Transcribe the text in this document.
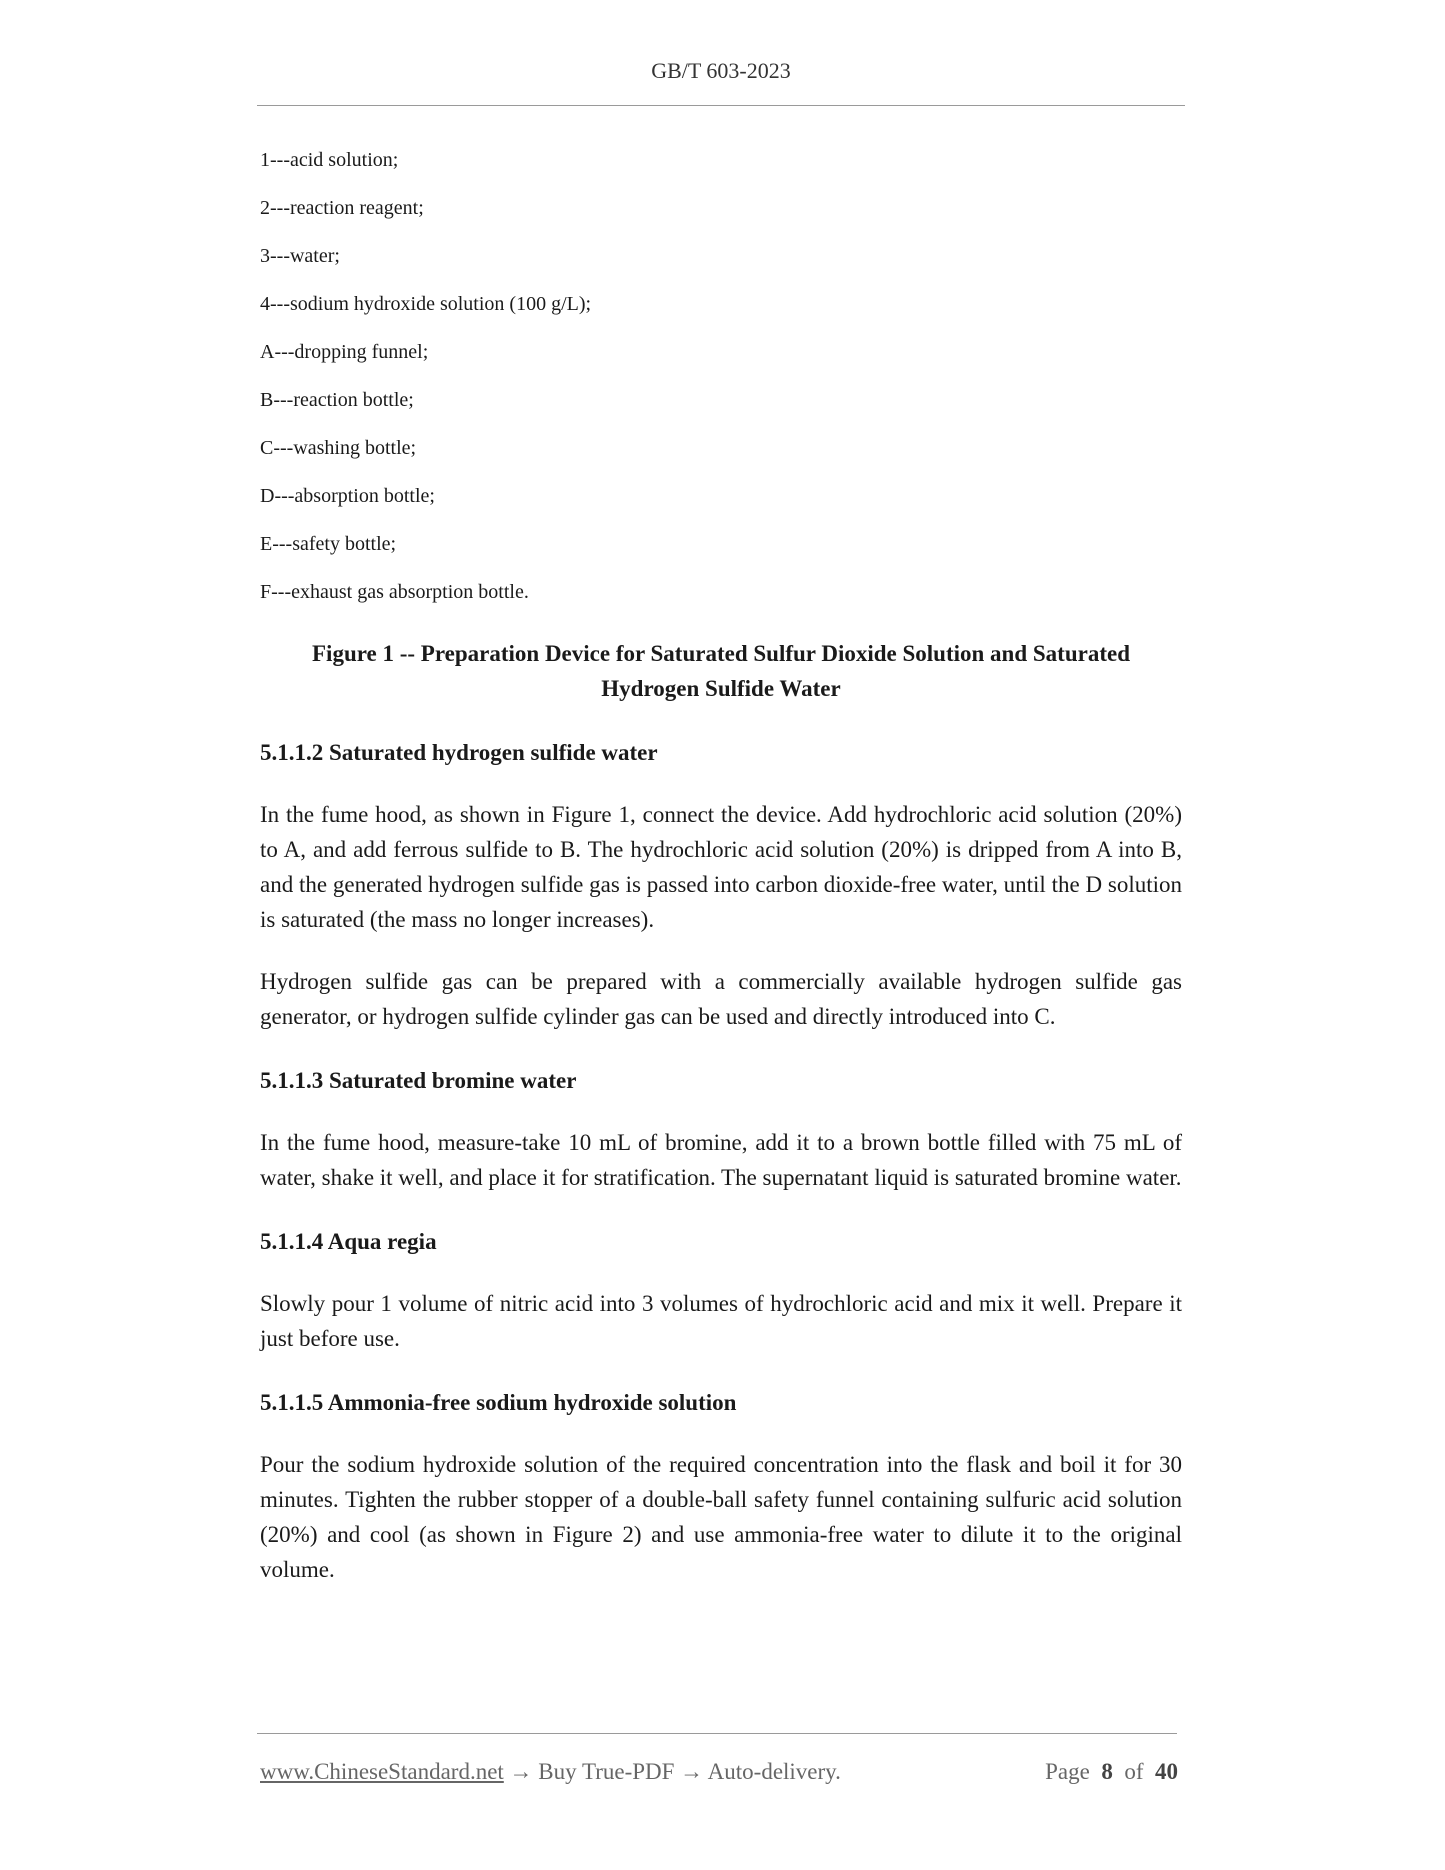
GB/T 603-2023
1---acid solution;
2---reaction reagent;
3---water;
4---sodium hydroxide solution (100 g/L);
A---dropping funnel;
B---reaction bottle;
C---washing bottle;
D---absorption bottle;
E---safety bottle;
F---exhaust gas absorption bottle.
Figure 1 -- Preparation Device for Saturated Sulfur Dioxide Solution and Saturated
Hydrogen Sulfide Water
5.1.1.2 Saturated hydrogen sulfide water

In the fume hood, as shown in Figure 1, connect the device. Add hydrochloric acid solution (20%) to A, and add ferrous sulfide to B. The hydrochloric acid solution (20%) is dripped from A into B, and the generated hydrogen sulfide gas is passed into carbon dioxide-free water, until the D solution is saturated (the mass no longer increases).

Hydrogen sulfide gas can be prepared with a commercially available hydrogen sulfide gas generator, or hydrogen sulfide cylinder gas can be used and directly introduced into C.

5.1.1.3 Saturated bromine water

In the fume hood, measure-take 10 mL of bromine, add it to a brown bottle filled with 75 mL of water, shake it well, and place it for stratification. The supernatant liquid is saturated bromine water.

5.1.1.4 Aqua regia

Slowly pour 1 volume of nitric acid into 3 volumes of hydrochloric acid and mix it well. Prepare it just before use.

5.1.1.5 Ammonia-free sodium hydroxide solution

Pour the sodium hydroxide solution of the required concentration into the flask and boil it for 30 minutes. Tighten the rubber stopper of a double-ball safety funnel containing sulfuric acid solution (20%) and cool (as shown in Figure 2) and use ammonia-free water to dilute it to the original volume.

www.ChineseStandard.net → Buy True-PDF → Auto-delivery.	Page 8 of 40
